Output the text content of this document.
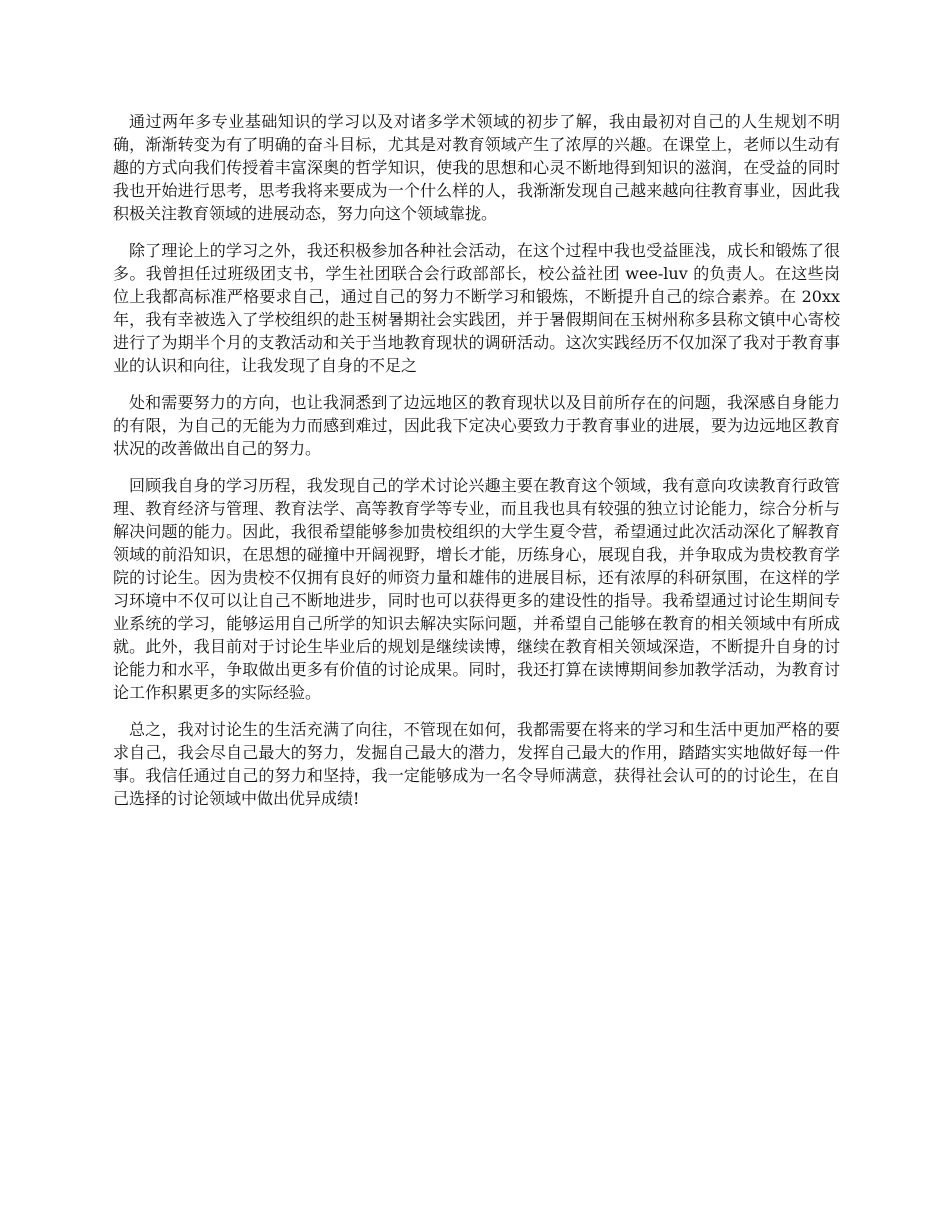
通过两年多专业基础知识的学习以及对诸多学术领域的初步了解，我由最初对自己的人生规划不明确，渐渐转变为有了明确的奋斗目标，尤其是对教育领域产生了浓厚的兴趣。在课堂上，老师以生动有趣的方式向我们传授着丰富深奥的哲学知识，使我的思想和心灵不断地得到知识的滋润，在受益的同时我也开始进行思考，思考我将来要成为一个什么样的人，我渐渐发现自己越来越向往教育事业，因此我积极关注教育领域的进展动态，努力向这个领域靠拢。

除了理论上的学习之外，我还积极参加各种社会活动，在这个过程中我也受益匪浅，成长和锻炼了很多。我曾担任过班级团支书，学生社团联合会行政部部长，校公益社团 wee-luv 的负责人。在这些岗位上我都高标准严格要求自己，通过自己的努力不断学习和锻炼，不断提升自己的综合素养。在 20xx 年，我有幸被选入了学校组织的赴玉树暑期社会实践团，并于暑假期间在玉树州称多县称文镇中心寄校进行了为期半个月的支教活动和关于当地教育现状的调研活动。这次实践经历不仅加深了我对于教育事业的认识和向往，让我发现了自身的不足之

处和需要努力的方向，也让我洞悉到了边远地区的教育现状以及目前所存在的问题，我深感自身能力的有限，为自己的无能为力而感到难过，因此我下定决心要致力于教育事业的进展，要为边远地区教育状况的改善做出自己的努力。

回顾我自身的学习历程，我发现自己的学术讨论兴趣主要在教育这个领域，我有意向攻读教育行政管理、教育经济与管理、教育法学、高等教育学等专业，而且我也具有较强的独立讨论能力，综合分析与解决问题的能力。因此，我很希望能够参加贵校组织的大学生夏令营，希望通过此次活动深化了解教育领域的前沿知识，在思想的碰撞中开阔视野，增长才能，历练身心，展现自我，并争取成为贵校教育学院的讨论生。因为贵校不仅拥有良好的师资力量和雄伟的进展目标，还有浓厚的科研氛围，在这样的学习环境中不仅可以让自己不断地进步，同时也可以获得更多的建设性的指导。我希望通过讨论生期间专业系统的学习，能够运用自己所学的知识去解决实际问题，并希望自己能够在教育的相关领域中有所成就。此外，我目前对于讨论生毕业后的规划是继续读博，继续在教育相关领域深造，不断提升自身的讨论能力和水平，争取做出更多有价值的讨论成果。同时，我还打算在读博期间参加教学活动，为教育讨论工作积累更多的实际经验。

总之，我对讨论生的生活充满了向往，不管现在如何，我都需要在将来的学习和生活中更加严格的要求自己，我会尽自己最大的努力，发掘自己最大的潜力，发挥自己最大的作用，踏踏实实地做好每一件事。我信任通过自己的努力和坚持，我一定能够成为一名令导师满意，获得社会认可的的讨论生，在自己选择的讨论领域中做出优异成绩!
